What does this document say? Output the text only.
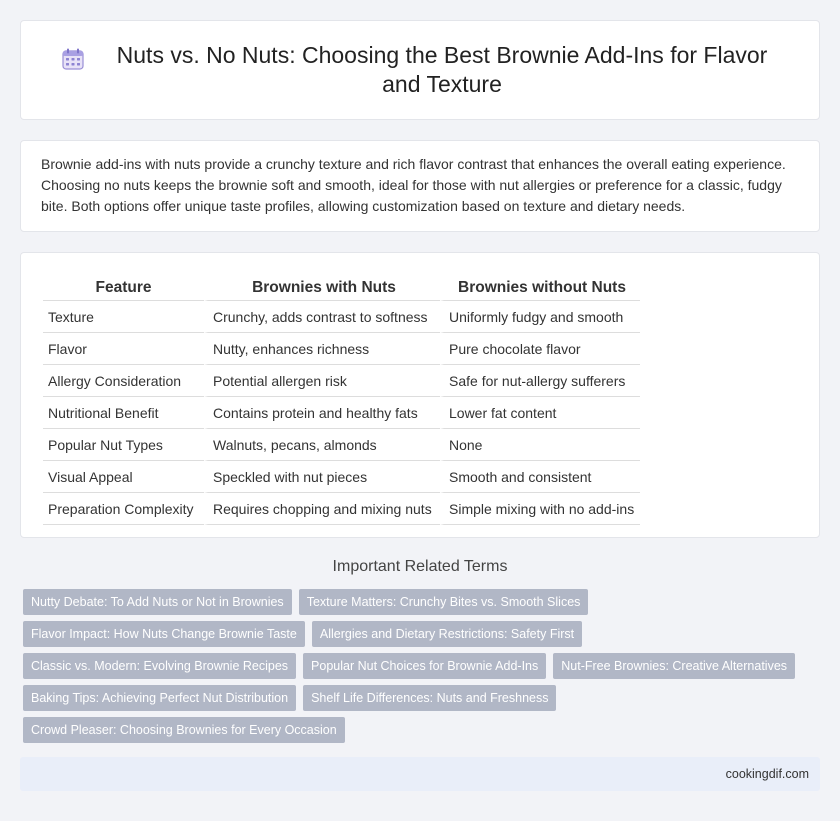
Nuts vs. No Nuts: Choosing the Best Brownie Add-Ins for Flavor and Texture

Brownie add-ins with nuts provide a crunchy texture and rich flavor contrast that enhances the overall eating experience. Choosing no nuts keeps the brownie soft and smooth, ideal for those with nut allergies or preference for a classic, fudgy bite. Both options offer unique taste profiles, allowing customization based on texture and dietary needs.

Feature	Brownies with Nuts	Brownies without Nuts
Texture	Crunchy, adds contrast to softness	Uniformly fudgy and smooth
Flavor	Nutty, enhances richness	Pure chocolate flavor
Allergy Consideration	Potential allergen risk	Safe for nut-allergy sufferers
Nutritional Benefit	Contains protein and healthy fats	Lower fat content
Popular Nut Types	Walnuts, pecans, almonds	None
Visual Appeal	Speckled with nut pieces	Smooth and consistent
Preparation Complexity	Requires chopping and mixing nuts	Simple mixing with no add-ins
Important Related Terms
Nutty Debate: To Add Nuts or Not in Brownies	Texture Matters: Crunchy Bites vs. Smooth Slices
Flavor Impact: How Nuts Change Brownie Taste	Allergies and Dietary Restrictions: Safety First
Classic vs. Modern: Evolving Brownie Recipes	Popular Nut Choices for Brownie Add-Ins	Nut-Free Brownies: Creative Alternatives
Baking Tips: Achieving Perfect Nut Distribution	Shelf Life Differences: Nuts and Freshness
Crowd Pleaser: Choosing Brownies for Every Occasion
cookingdif.com
